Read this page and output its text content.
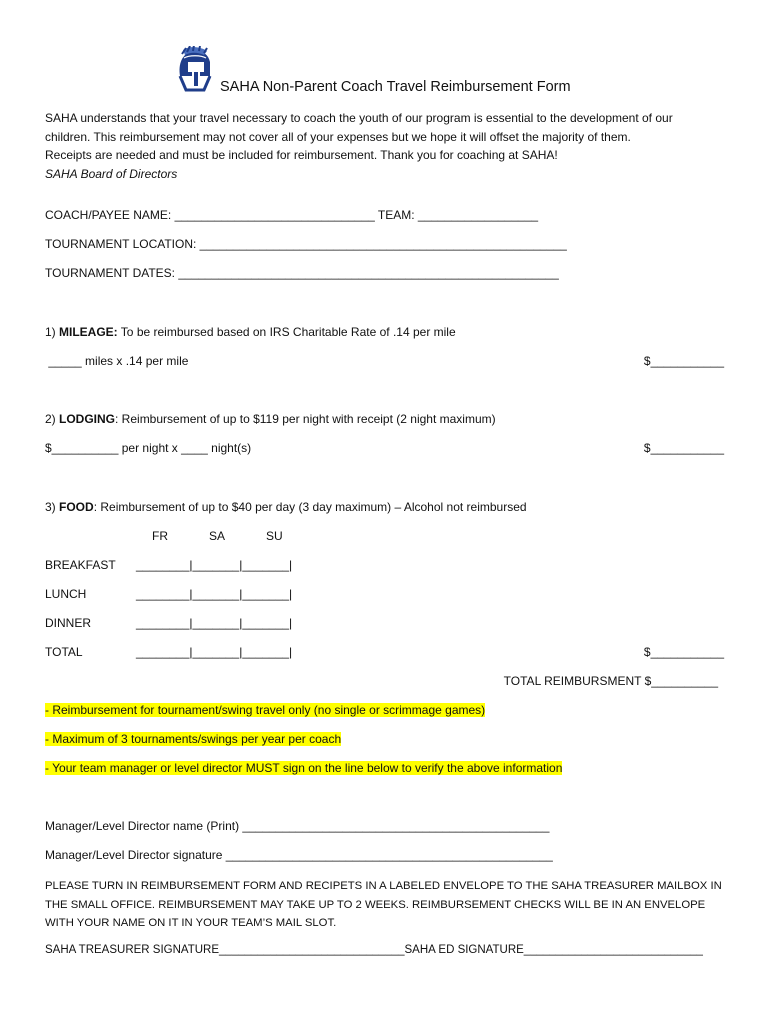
SAHA Non-Parent Coach Travel Reimbursement Form

SAHA understands that your travel necessary to coach the youth of our program is essential to the development of our

children. This reimbursement may not cover all of your expenses but we hope it will offset the majority of them.

Receipts are needed and must be included for reimbursement. Thank you for coaching at SAHA!

SAHA Board of Directors

COACH/PAYEE NAME: ______________________________ TEAM: __________________
TOURNAMENT LOCATION: _______________________________________________________
TOURNAMENT DATES: _________________________________________________________
1) MILEAGE: To be reimbursed based on IRS Charitable Rate of .14 per mile
_____ miles x .14 per mile	$___________
2) LODGING: Reimbursement of up to $119 per night with receipt (2 night maximum)
$__________ per night x ____ night(s)	$___________
3) FOOD: Reimbursement of up to $40 per day (3 day maximum) – Alcohol not reimbursed
FR	SA	SU
BREAKFAST ________|_______|_______|
LUNCH	________|_______|_______|
DINNER	________|_______|_______|
TOTAL	________|_______|_______|	$___________
TOTAL REIMBURSMENT $__________
- Reimbursement for tournament/swing travel only (no single or scrimmage games)
- Maximum of 3 tournaments/swings per year per coach
- Your team manager or level director MUST sign on the line below to verify the above information
Manager/Level Director name (Print) ______________________________________________
Manager/Level Director signature _________________________________________________
PLEASE TURN IN REIMBURSEMENT FORM AND RECIPETS IN A LABELED ENVELOPE TO THE SAHA TREASURER MAILBOX IN
THE SMALL OFFICE. REIMBURSEMENT MAY TAKE UP TO 2 WEEKS. REIMBURSEMENT CHECKS WILL BE IN AN ENVELOPE
WITH YOUR NAME ON IT IN YOUR TEAM’S MAIL SLOT.
SAHA TREASURER SIGNATURE_____________________________SAHA ED SIGNATURE____________________________
